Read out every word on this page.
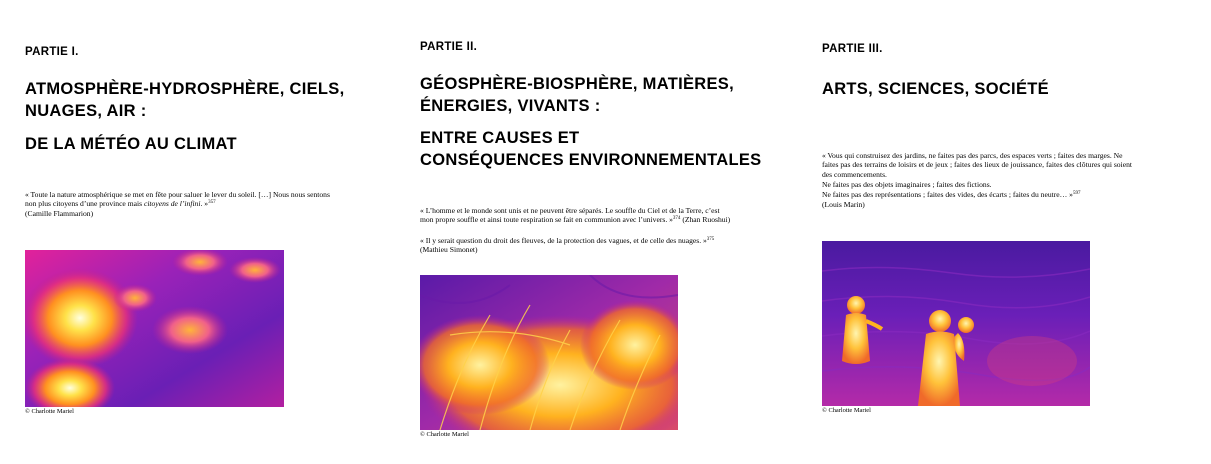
PARTIE I.
ATMOSPHÈRE-HYDROSPHÈRE, CIELS,
NUAGES, AIR :
DE LA MÉTÉO AU CLIMAT
« Toute la nature atmosphérique se met en fête pour saluer le lever du soleil. […] Nous nous sentons
non plus citoyens d’une province mais citoyens de l’infini. »$^{357}$
(Camille Flammarion)
© Charlotte Mariel
PARTIE II.
GÉOSPHÈRE-BIOSPHÈRE, MATIÈRES,
ÉNERGIES, VIVANTS :
ENTRE CAUSES ET
CONSÉQUENCES ENVIRONNEMENTALES
« L’homme et le monde sont unis et ne peuvent être séparés. Le souffle du Ciel et de la Terre, c’est
mon propre souffle et ainsi toute respiration se fait en communion avec l’univers. »$^{374}$ (Zhan Ruoshui)
« Il y serait question du droit des fleuves, de la protection des vagues, et de celle des nuages. »$^{375}$
(Mathieu Simonet)
© Charlotte Mariel
PARTIE III.
ARTS, SCIENCES, SOCIÉTÉ
« Vous qui construisez des jardins, ne faites pas des parcs, des espaces verts ; faites des marges. Ne
faites pas des terrains de loisirs et de jeux ; faites des lieux de jouissance, faites des clôtures qui soient
des commencements.
Ne faites pas des objets imaginaires ; faites des fictions.
Ne faites pas des représentations ; faites des vides, des écarts ; faites du neutre… »$^{597}$
(Louis Marin)
© Charlotte Mariel
